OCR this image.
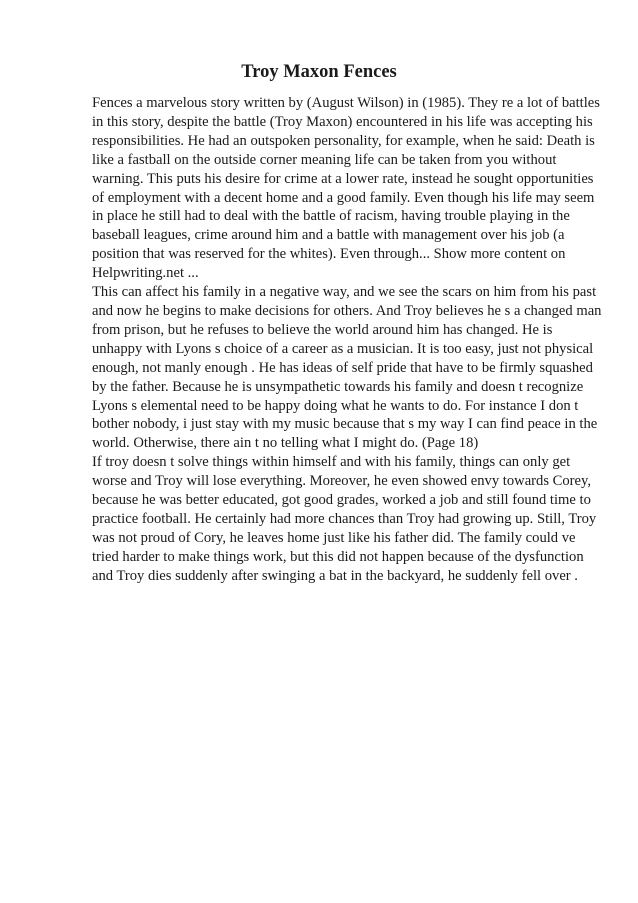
Troy Maxon Fences

Fences a marvelous story written by (August Wilson) in (1985). They re a lot of battles in this story, despite the battle (Troy Maxon) encountered in his life was accepting his responsibilities. He had an outspoken personality, for example, when he said: Death is like a fastball on the outside corner meaning life can be taken from you without warning. This puts his desire for crime at a lower rate, instead he sought opportunities of employment with a decent home and a good family. Even though his life may seem in place he still had to deal with the battle of racism, having trouble playing in the baseball leagues, crime around him and a battle with management over his job (a position that was reserved for the whites). Even through... Show more content on Helpwriting.net ...

This can affect his family in a negative way, and we see the scars on him from his past and now he begins to make decisions for others. And Troy believes he s a changed man from prison, but he refuses to believe the world around him has changed. He is unhappy with Lyons s choice of a career as a musician. It is too easy, just not physical enough, not manly enough . He has ideas of self pride that have to be firmly squashed by the father. Because he is unsympathetic towards his family and doesn t recognize Lyons s elemental need to be happy doing what he wants to do. For instance I don t bother nobody, i just stay with my music because that s my way I can find peace in the world. Otherwise, there ain t no telling what I might do. (Page 18)

If troy doesn t solve things within himself and with his family, things can only get worse and Troy will lose everything. Moreover, he even showed envy towards Corey, because he was better educated, got good grades, worked a job and still found time to practice football. He certainly had more chances than Troy had growing up. Still, Troy was not proud of Cory, he leaves home just like his father did. The family could ve tried harder to make things work, but this did not happen because of the dysfunction and Troy dies suddenly after swinging a bat in the backyard, he suddenly fell over .
